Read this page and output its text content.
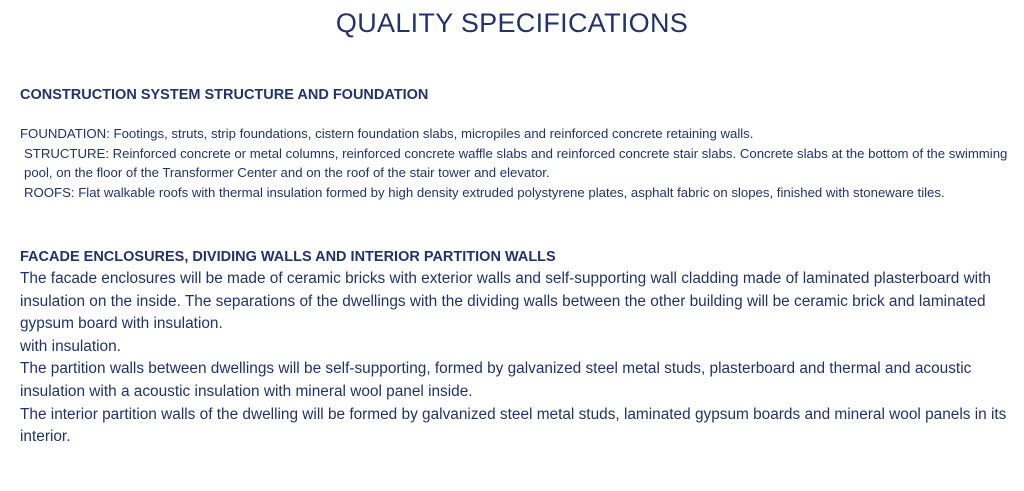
QUALITY SPECIFICATIONS
CONSTRUCTION SYSTEM STRUCTURE AND FOUNDATION

FOUNDATION: Footings, struts, strip foundations, cistern foundation slabs, micropiles and reinforced concrete retaining walls.

STRUCTURE: Reinforced concrete or metal columns, reinforced concrete waffle slabs and reinforced concrete stair slabs. Concrete slabs at the bottom of the swimming pool, on the floor of the Transformer Center and on the roof of the stair tower and elevator.

ROOFS: Flat walkable roofs with thermal insulation formed by high density extruded polystyrene plates, asphalt fabric on slopes, finished with stoneware tiles.

FACADE ENCLOSURES, DIVIDING WALLS AND INTERIOR PARTITION WALLS

The facade enclosures will be made of ceramic bricks with exterior walls and self-supporting wall cladding made of laminated plasterboard with insulation on the inside. The separations of the dwellings with the dividing walls between the other building will be ceramic brick and laminated gypsum board with insulation.

with insulation.

The partition walls between dwellings will be self-supporting, formed by galvanized steel metal studs, plasterboard and thermal and acoustic insulation with a acoustic insulation with mineral wool panel inside.

The interior partition walls of the dwelling will be formed by galvanized steel metal studs, laminated gypsum boards and mineral wool panels in its interior.
